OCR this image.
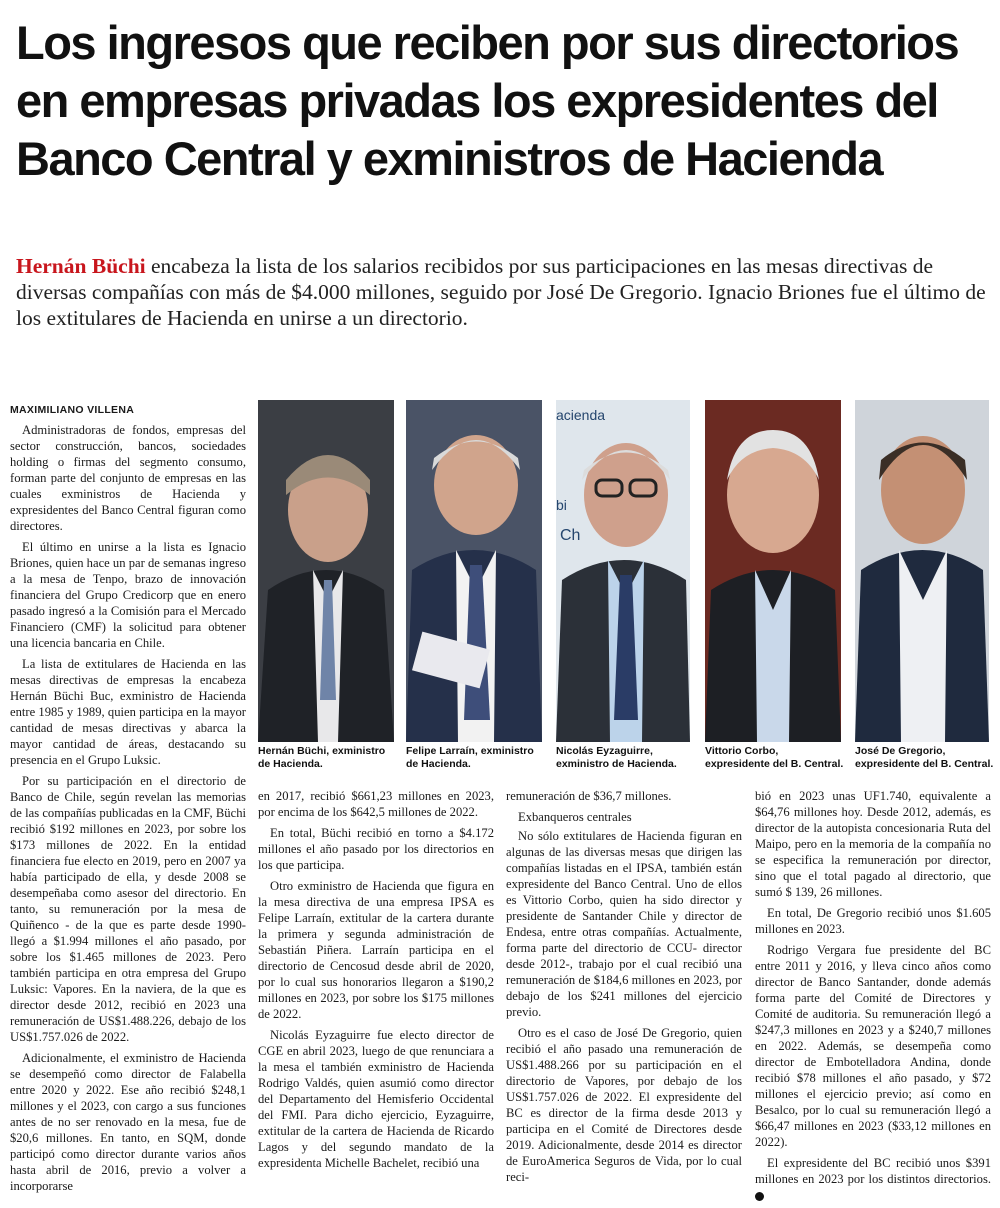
Los ingresos que reciben por sus directorios en empresas privadas los expresidentes del Banco Central y exministros de Hacienda

Hernán Büchi encabeza la lista de los salarios recibidos por sus participaciones en las mesas directivas de diversas compañías con más de $4.000 millones, seguido por José De Gregorio. Ignacio Briones fue el último de los extitulares de Hacienda en unirse a un directorio.

MAXIMILIANO VILLENA

Administradoras de fondos, empresas del sector construcción, bancos, sociedades holding o firmas del segmento consumo, forman parte del conjunto de empresas en las cuales exministros de Hacienda y expresidentes del Banco Central figuran como directores.

El último en unirse a la lista es Ignacio Briones, quien hace un par de semanas ingreso a la mesa de Tenpo, brazo de innovación financiera del Grupo Credicorp que en enero pasado ingresó a la Comisión para el Mercado Financiero (CMF) la solicitud para obtener una licencia bancaria en Chile.

La lista de extitulares de Hacienda en las mesas directivas de empresas la encabeza Hernán Büchi Buc, exministro de Hacienda entre 1985 y 1989, quien participa en la mayor cantidad de mesas directivas y abarca la mayor cantidad de áreas, destacando su presencia en el Grupo Luksic.

Por su participación en el directorio de Banco de Chile, según revelan las memorias de las compañías publicadas en la CMF, Büchi recibió $192 millones en 2023, por sobre los $173 millones de 2022. En la entidad financiera fue electo en 2019, pero en 2007 ya había participado de ella, y desde 2008 se desempeñaba como asesor del directorio. En tanto, su remuneración por la mesa de Quiñenco - de la que es parte desde 1990- llegó a $1.994 millones el año pasado, por sobre los $1.465 millones de 2023. Pero también participa en otra empresa del Grupo Luksic: Vapores. En la naviera, de la que es director desde 2012, recibió en 2023 una remuneración de US$1.488.226, debajo de los US$1.757.026 de 2022.

Adicionalmente, el exministro de Hacienda se desempeñó como director de Falabella entre 2020 y 2022. Ese año recibió $248,1 millones y el 2023, con cargo a sus funciones antes de no ser renovado en la mesa, fue de $20,6 millones. En tanto, en SQM, donde participó como director durante varios años hasta abril de 2016, previo a volver a incorporarse

acienda
bi
Ch
Hernán Büchi, exministro de Hacienda.
Felipe Larraín, exministro de Hacienda.
Nicolás Eyzaguirre, exministro de Hacienda.
Vittorio Corbo, expresidente del B. Central.
José De Gregorio, expresidente del B. Central.

en 2017, recibió $661,23 millones en 2023, por encima de los $642,5 millones de 2022.

En total, Büchi recibió en torno a $4.172 millones el año pasado por los directorios en los que participa.

Otro exministro de Hacienda que figura en la mesa directiva de una empresa IPSA es Felipe Larraín, extitular de la cartera durante la primera y segunda administración de Sebastián Piñera. Larraín participa en el directorio de Cencosud desde abril de 2020, por lo cual sus honorarios llegaron a $190,2 millones en 2023, por sobre los $175 millones de 2022.

Nicolás Eyzaguirre fue electo director de CGE en abril 2023, luego de que renunciara a la mesa el también exministro de Hacienda Rodrigo Valdés, quien asumió como director del Departamento del Hemisferio Occidental del FMI. Para dicho ejercicio, Eyzaguirre, extitular de la cartera de Hacienda de Ricardo Lagos y del segundo mandato de la expresidenta Michelle Bachelet, recibió una

remuneración de $36,7 millones.

Exbanqueros centrales

No sólo extitulares de Hacienda figuran en algunas de las diversas mesas que dirigen las compañías listadas en el IPSA, también están expresidente del Banco Central. Uno de ellos es Vittorio Corbo, quien ha sido director y presidente de Santander Chile y director de Endesa, entre otras compañías. Actualmente, forma parte del directorio de CCU- director desde 2012-, trabajo por el cual recibió una remuneración de $184,6 millones en 2023, por debajo de los $241 millones del ejercicio previo.

Otro es el caso de José De Gregorio, quien recibió el año pasado una remuneración de US$1.488.266 por su participación en el directorio de Vapores, por debajo de los US$1.757.026 de 2022. El expresidente del BC es director de la firma desde 2013 y participa en el Comité de Directores desde 2019. Adicionalmente, desde 2014 es director de EuroAmerica Seguros de Vida, por lo cual reci-

bió en 2023 unas UF1.740, equivalente a $64,76 millones hoy. Desde 2012, además, es director de la autopista concesionaria Ruta del Maipo, pero en la memoria de la compañía no se especifica la remuneración por director, sino que el total pagado al directorio, que sumó $ 139, 26 millones.

En total, De Gregorio recibió unos $1.605 millones en 2023.

Rodrigo Vergara fue presidente del BC entre 2011 y 2016, y lleva cinco años como director de Banco Santander, donde además forma parte del Comité de Directores y Comité de auditoria. Su remuneración llegó a $247,3 millones en 2023 y a $240,7 millones en 2022. Además, se desempeña como director de Embotelladora Andina, donde recibió $78 millones el año pasado, y $72 millones el ejercicio previo; así como en Besalco, por lo cual su remuneración llegó a $66,47 millones en 2023 ($33,12 millones en 2022).

El expresidente del BC recibió unos $391 millones en 2023 por los distintos directorios. P
